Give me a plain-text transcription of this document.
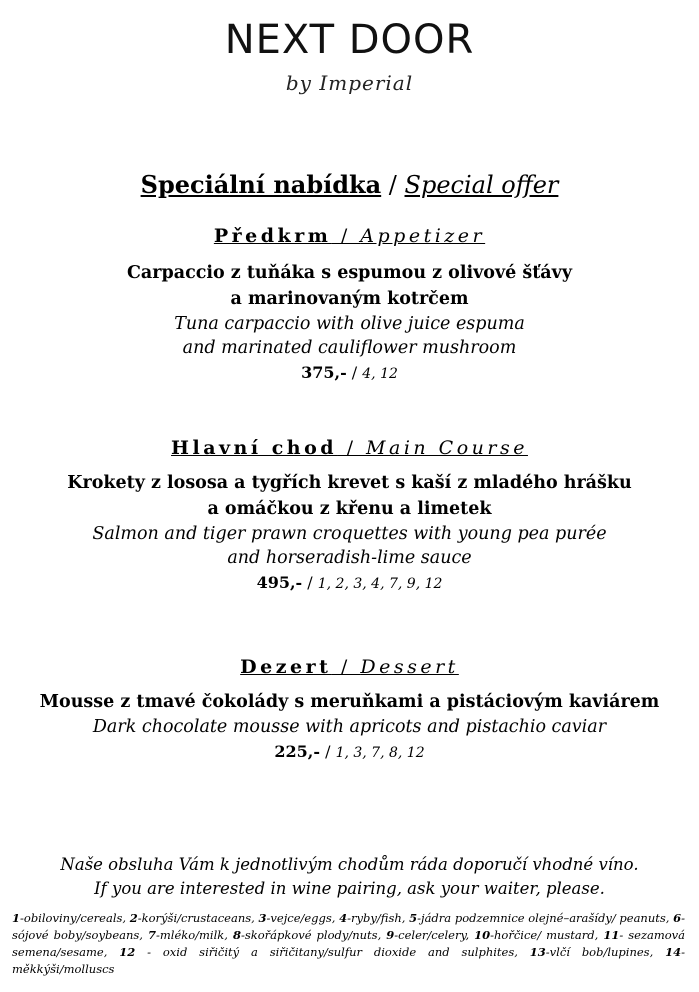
NEXT DOOR
by Imperial
Speciální nabídka / Special offer
Předkrm / Appetizer
Carpaccio z tuňáka s espumou z olivové šťávy
a marinovaným kotrčem
Tuna carpaccio with olive juice espuma
and marinated cauliflower mushroom
375,- / 4, 12
Hlavní chod / Main Course
Krokety z lososa a tygřích krevet s kaší z mladého hrášku
a omáčkou z křenu a limetek
Salmon and tiger prawn croquettes with young pea purée
and horseradish-lime sauce
495,- / 1, 2, 3, 4, 7, 9, 12
Dezert / Dessert
Mousse z tmavé čokolády s meruňkami a pistáciovým kaviárem
Dark chocolate mousse with apricots and pistachio caviar
225,- / 1, 3, 7, 8, 12
Naše obsluha Vám k jednotlivým chodům ráda doporučí vhodné víno.
If you are interested in wine pairing, ask your waiter, please.
1-obiloviny/cereals, 2-korýši/crustaceans, 3-vejce/eggs, 4-ryby/fish, 5-jádra podzemnice olejné–arašídy/ peanuts, 6-sójové boby/soybeans, 7-mléko/milk, 8-skořápkové plody/nuts, 9-celer/celery, 10-hořčice/ mustard, 11- sezamová semena/sesame, 12 - oxid siřičitý a siřičitany/sulfur dioxide and sulphites, 13-vlčí bob/lupines, 14-měkkýši/molluscs
